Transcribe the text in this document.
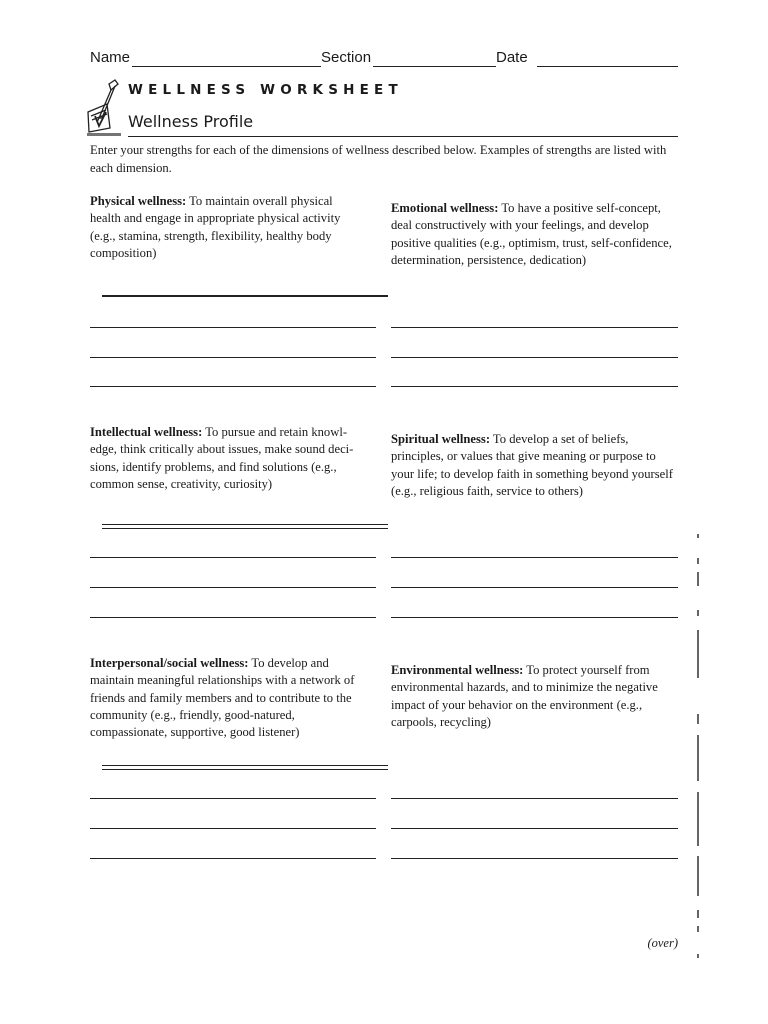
Name	Section	Date
WELLNESS WORKSHEET
Wellness Profile
Enter your strengths for each of the dimensions of wellness described below. Examples of strengths are listed with each dimension.
Physical wellness: To maintain overall physical health and engage in appropriate physical activity (e.g., stamina, strength, flexibility, healthy body composition)
Emotional wellness: To have a positive self-concept, deal constructively with your feelings, and develop positive qualities (e.g., optimism, trust, self-confidence, determination, persistence, dedication)
Intellectual wellness: To pursue and retain knowl-edge, think critically about issues, make sound deci-sions, identify problems, and find solutions (e.g., common sense, creativity, curiosity)
Spiritual wellness: To develop a set of beliefs, principles, or values that give meaning or purpose to your life; to develop faith in something beyond yourself (e.g., religious faith, service to others)
Interpersonal/social wellness: To develop and maintain meaningful relationships with a network of friends and family members and to contribute to the community (e.g., friendly, good-natured, compassionate, supportive, good listener)
Environmental wellness: To protect yourself from environmental hazards, and to minimize the negative impact of your behavior on the environment (e.g., carpools, recycling)
(over)
